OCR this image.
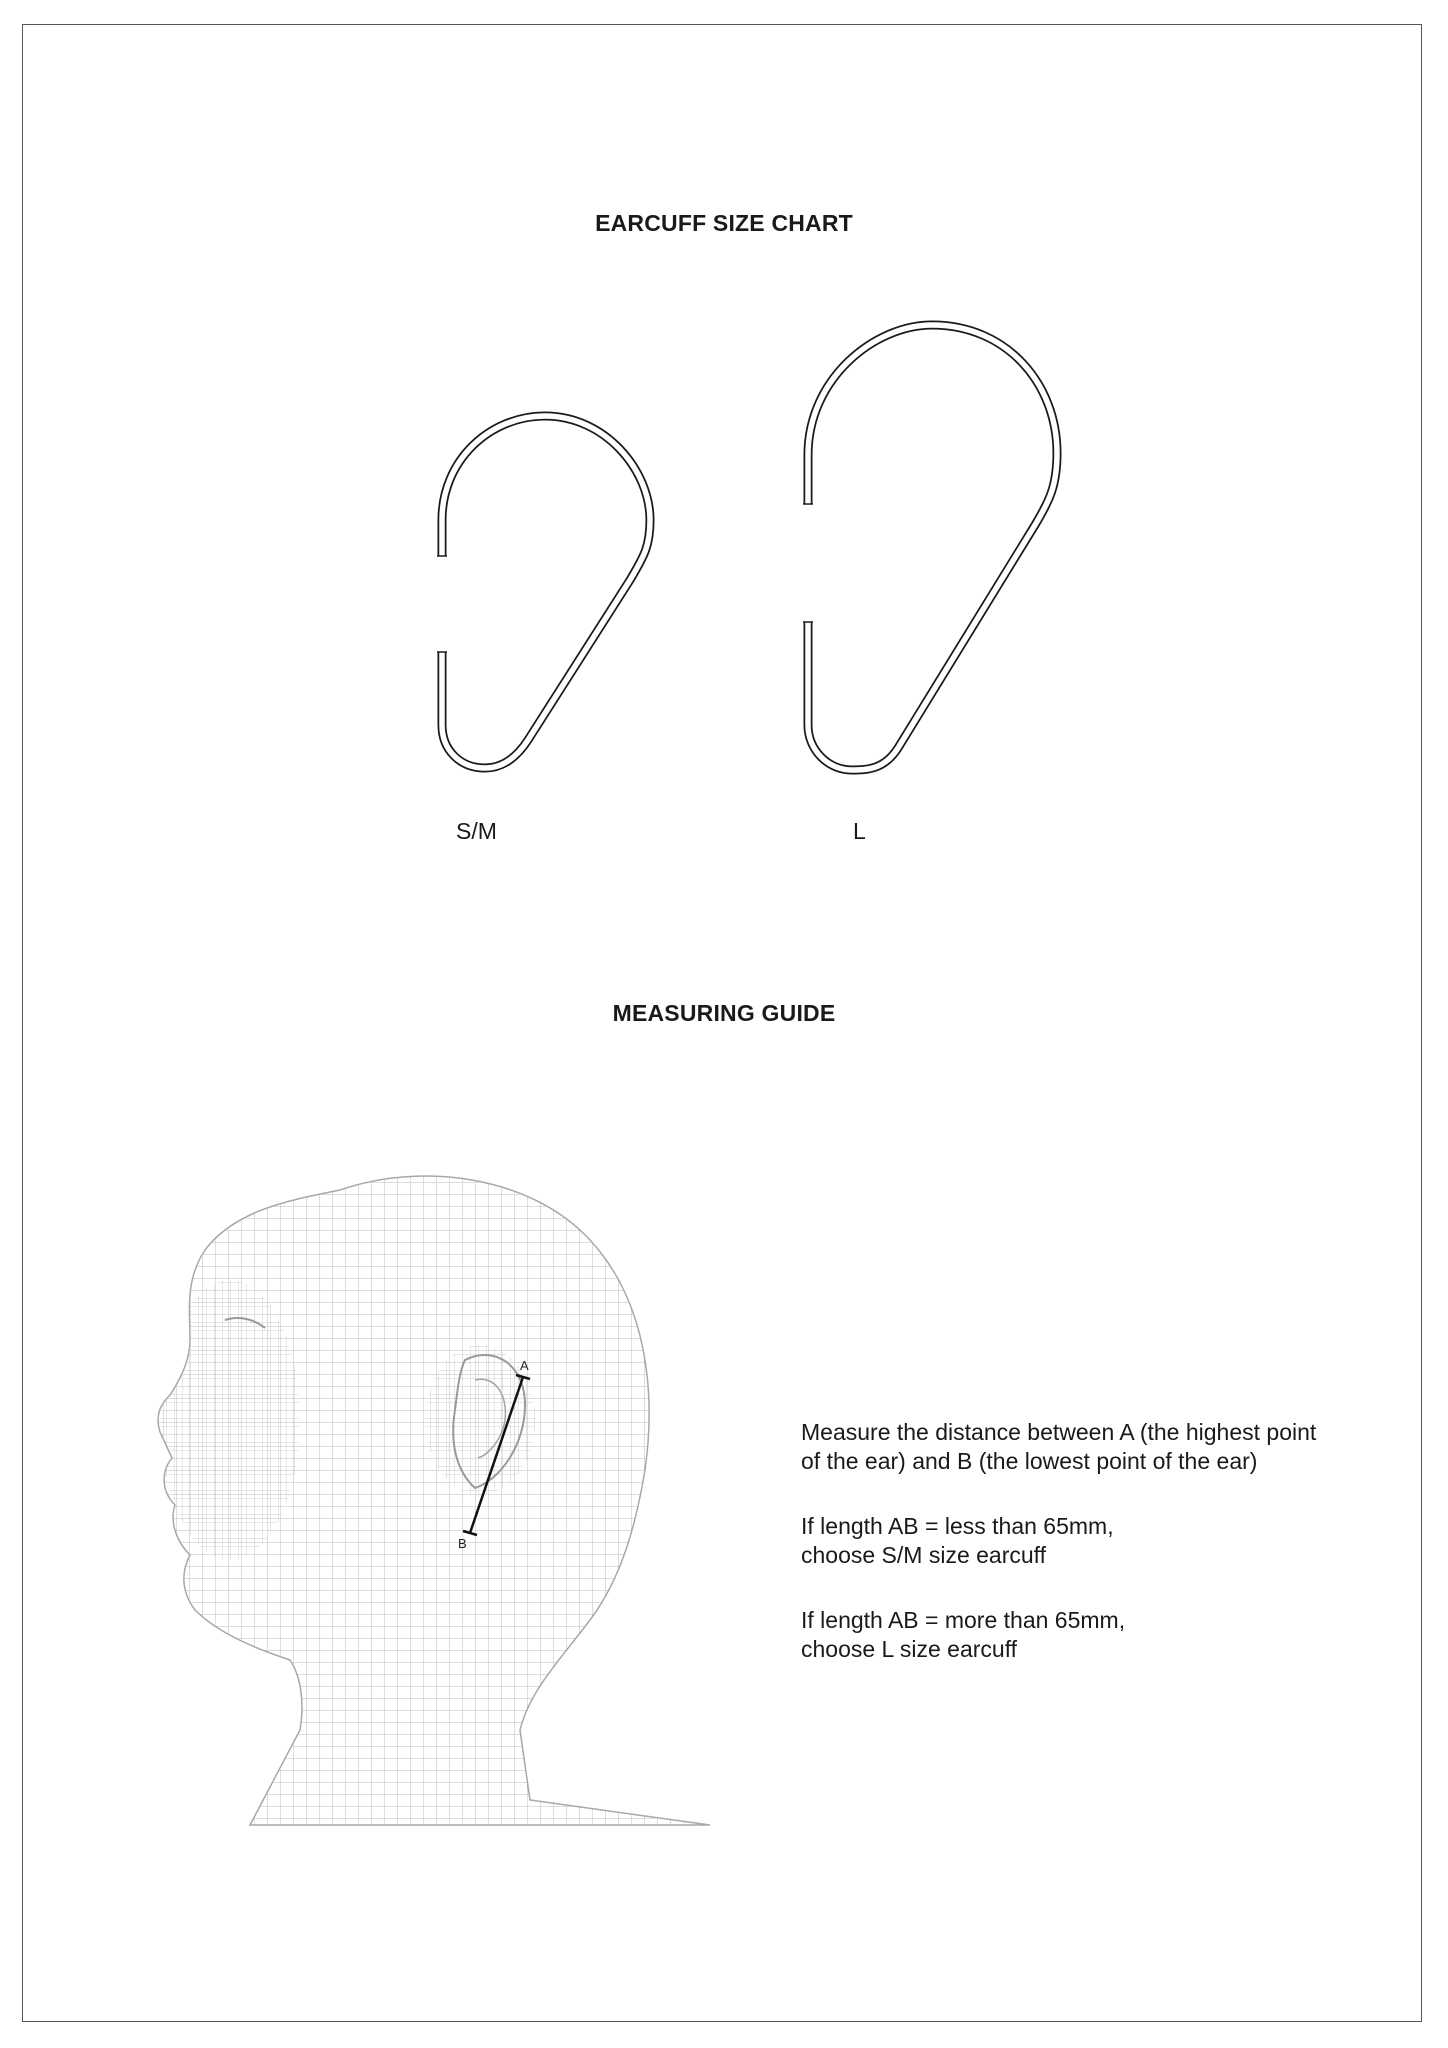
EARCUFF SIZE CHART
S/M	L
MEASURING GUIDE
A
B

Measure the distance between A (the highest point
of the ear) and B (the lowest point of the ear)

If length AB = less than 65mm,
choose S/M size earcuff

If length AB = more than 65mm,
choose L size earcuff
